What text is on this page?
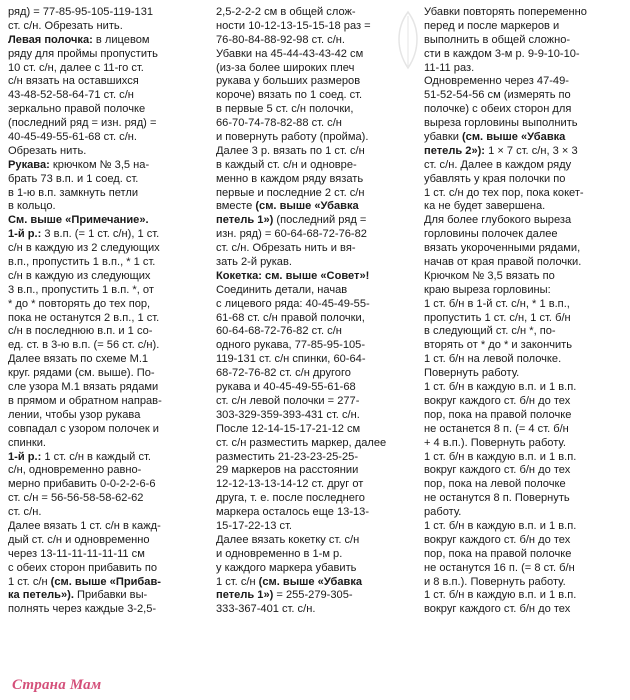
ряд) = 77-85-95-105-119-131
ст. с/н. Обрезать нить.
Левая полочка: в лицевом
ряду для проймы пропустить
10 ст. с/н, далее с 11-го ст.
с/н вязать на оставшихся
43-48-52-58-64-71 ст. с/н
зеркально правой полочке
(последний ряд = изн. ряд) =
40-45-49-55-61-68 ст. с/н.
Обрезать нить.
Рукава: крючком № 3,5 на-
брать 73 в.п. и 1 соед. ст.
в 1-ю в.п. замкнуть петли
в кольцо.
См. выше «Примечание».
1-й р.: 3 в.п. (= 1 ст. с/н), 1 ст.
с/н в каждую из 2 следующих
в.п., пропустить 1 в.п., * 1 ст.
с/н в каждую из следующих
3 в.п., пропустить 1 в.п. *, от
* до * повторять до тех пор,
пока не останутся 2 в.п., 1 ст.
с/н в последнюю в.п. и 1 со-
ед. ст. в 3-ю в.п. (= 56 ст. с/н).
Далее вязать по схеме М.1
круг. рядами (см. выше). По-
сле узора М.1 вязать рядами
в прямом и обратном направ-
лении, чтобы узор рукава
совпадал с узором полочек и
спинки.
1-й р.: 1 ст. с/н в каждый ст.
с/н, одновременно равно-
мерно прибавить 0-0-2-2-6-6
ст. с/н = 56-56-58-58-62-62
ст. с/н.
Далее вязать 1 ст. с/н в кажд-
дый ст. с/н и одновременно
через 13-11-11-11-11-11 см
с обеих сторон прибавить по
1 ст. с/н (см. выше «Прибав-
ка петель»). Прибавки вы-
полнять через каждые 3-2,5-
2,5-2-2-2 см в общей слож-
ности 10-12-13-15-15-18 раз =
76-80-84-88-92-98 ст. с/н.
Убавки на 45-44-43-43-42 см
(из-за более широких плеч
рукава у больших размеров
короче) вязать по 1 соед. ст.
в первые 5 ст. с/н полочки,
66-70-74-78-82-88 ст. с/н
и повернуть работу (пройма).
Далее 3 р. вязать по 1 ст. с/н
в каждый ст. с/н и одновре-
менно в каждом ряду вязать
первые и последние 2 ст. с/н
вместе (см. выше «Убавка
петель 1») (последний ряд =
изн. ряд) = 60-64-68-72-76-82
ст. с/н. Обрезать нить и вя-
зать 2-й рукав.
Кокетка: см. выше «Совет»!
Соединить детали, начав
с лицевого ряда: 40-45-49-55-
61-68 ст. с/н правой полочки,
60-64-68-72-76-82 ст. с/н
одного рукава, 77-85-95-105-
119-131 ст. с/н спинки, 60-64-
68-72-76-82 ст. с/н другого
рукава и 40-45-49-55-61-68
ст. с/н левой полочки = 277-
303-329-359-393-431 ст. с/н.
После 12-14-15-17-21-12 см
ст. с/н разместить маркер, далее
разместить 21-23-23-25-25-
29 маркеров на расстоянии
12-12-13-13-14-12 ст. друг от
друга, т. е. после последнего
маркера осталось еще 13-13-
15-17-22-13 ст.
Далее вязать кокетку ст. с/н
и одновременно в 1-м р.
у каждого маркера убавить
1 ст. с/н (см. выше «Убавка
петель 1») = 255-279-305-
333-367-401 ст. с/н.
Убавки повторять попеременно
перед и после маркеров и
выполнить в общей сложно-
сти в каждом 3-м р. 9-9-10-10-
11-11 раз.
Одновременно через 47-49-
51-52-54-56 см (измерять по
полочке) с обеих сторон для
выреза горловины выполнить
убавки (см. выше «Убавка
петель 2»): 1 × 7 ст. с/н, 3 × 3
ст. с/н. Далее в каждом ряду
убавлять у края полочки по
1 ст. с/н до тех пор, пока кокет-
ка не будет завершена.
Для более глубокого выреза
горловины полочек далее
вязать укороченными рядами,
начав от края правой полочки.
Крючком № 3,5 вязать по
краю выреза горловины:
1 ст. б/н в 1-й ст. с/н, * 1 в.п.,
пропустить 1 ст. с/н, 1 ст. б/н
в следующий ст. с/н *, по-
вторять от * до * и закончить
1 ст. б/н на левой полочке.
Повернуть работу.
1 ст. б/н в каждую в.п. и 1 в.п.
вокруг каждого ст. б/н до тех
пор, пока на правой полочке
не останется 8 п. (= 4 ст. б/н
+ 4 в.п.). Повернуть работу.
1 ст. б/н в каждую в.п. и 1 в.п.
вокруг каждого ст. б/н до тех
пор, пока на левой полочке
не останутся 8 п. Повернуть
работу.
1 ст. б/н в каждую в.п. и 1 в.п.
вокруг каждого ст. б/н до тех
пор, пока на правой полочке
не останутся 16 п. (= 8 ст. б/н
и 8 в.п.). Повернуть работу.
1 ст. б/н в каждую в.п. и 1 в.п.
вокруг каждого ст. б/н до тех
Страна Мам
